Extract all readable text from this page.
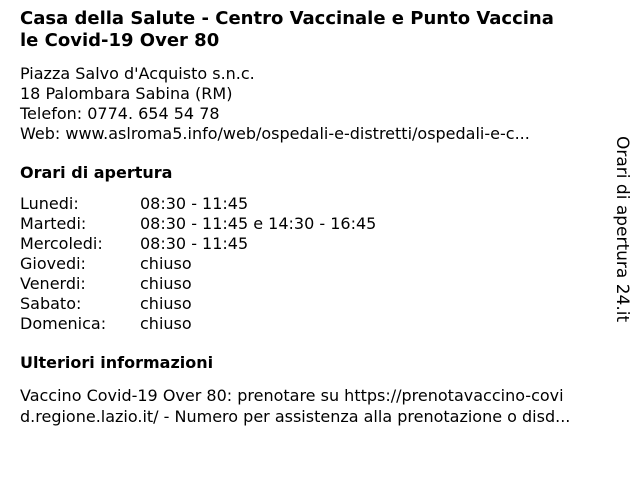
Casa della Salute - Centro Vaccinale e Punto Vaccina
le Covid-19 Over 80
Piazza Salvo d'Acquisto s.n.c.
18 Palombara Sabina (RM)
Telefon: 0774. 654 54 78
Web: www.aslroma5.info/web/ospedali-e-distretti/ospedali-e-c...
Orari di apertura
Lunedi:	08:30 - 11:45
Martedi:	08:30 - 11:45 e 14:30 - 16:45
Mercoledi:	08:30 - 11:45
Giovedi:	chiuso
Venerdi:	chiuso
Sabato:	chiuso
Domenica:	chiuso
Ulteriori informazioni
Vaccino Covid-19 Over 80: prenotare su https://prenotavaccino-covi
d.regione.lazio.it/ - Numero per assistenza alla prenotazione o disd...
Orari di apertura 24.it
